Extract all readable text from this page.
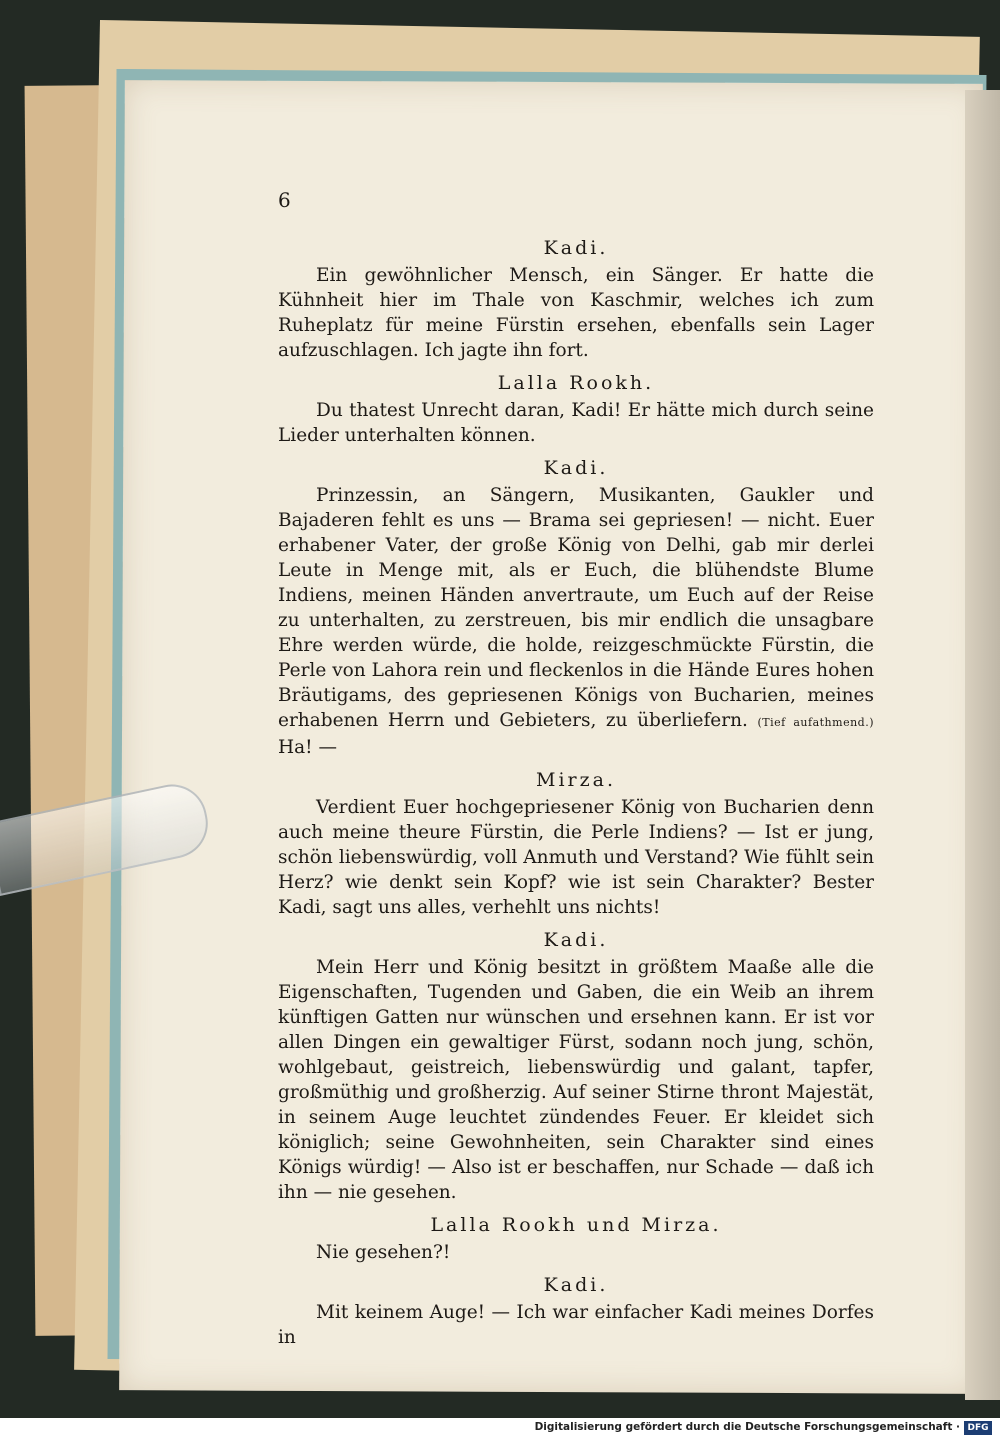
6
Kadi.

Ein gewöhnlicher Mensch, ein Sänger. Er hatte die Kühnheit hier im Thale von Kaschmir, welches ich zum Ruheplatz für meine Fürstin ersehen, ebenfalls sein Lager aufzuschlagen. Ich jagte ihn fort.

Lalla Rookh.

Du thatest Unrecht daran, Kadi! Er hätte mich durch seine Lieder unterhalten können.

Kadi.

Prinzessin, an Sängern, Musikanten, Gaukler und Bajaderen fehlt es uns — Brama sei gepriesen! — nicht. Euer erhabener Vater, der große König von Delhi, gab mir derlei Leute in Menge mit, als er Euch, die blühendste Blume Indiens, meinen Händen anvertraute, um Euch auf der Reise zu unterhalten, zu zerstreuen, bis mir endlich die unsagbare Ehre werden würde, die holde, reizgeschmückte Fürstin, die Perle von Lahora rein und fleckenlos in die Hände Eures hohen Bräutigams, des gepriesenen Königs von Bucharien, meines erhabenen Herrn und Gebieters, zu überliefern. (Tief aufathmend.) Ha! —

Mirza.

Verdient Euer hochgepriesener König von Bucharien denn auch meine theure Fürstin, die Perle Indiens? — Ist er jung, schön liebenswürdig, voll Anmuth und Verstand? Wie fühlt sein Herz? wie denkt sein Kopf? wie ist sein Charakter? Bester Kadi, sagt uns alles, verhehlt uns nichts!

Kadi.

Mein Herr und König besitzt in größtem Maaße alle die Eigenschaften, Tugenden und Gaben, die ein Weib an ihrem künftigen Gatten nur wünschen und ersehnen kann. Er ist vor allen Dingen ein gewaltiger Fürst, sodann noch jung, schön, wohlgebaut, geistreich, liebenswürdig und galant, tapfer, großmüthig und großherzig. Auf seiner Stirne thront Majestät, in seinem Auge leuchtet zündendes Feuer. Er kleidet sich königlich; seine Gewohnheiten, sein Charakter sind eines Königs würdig! — Also ist er beschaffen, nur Schade — daß ich ihn — nie gesehen.

Lalla Rookh und Mirza.

Nie gesehen?!

Kadi.

Mit keinem Auge! — Ich war einfacher Kadi meines Dorfes in

Digitalisierung gefördert durch die Deutsche Forschungsgemeinschaft · DFG
